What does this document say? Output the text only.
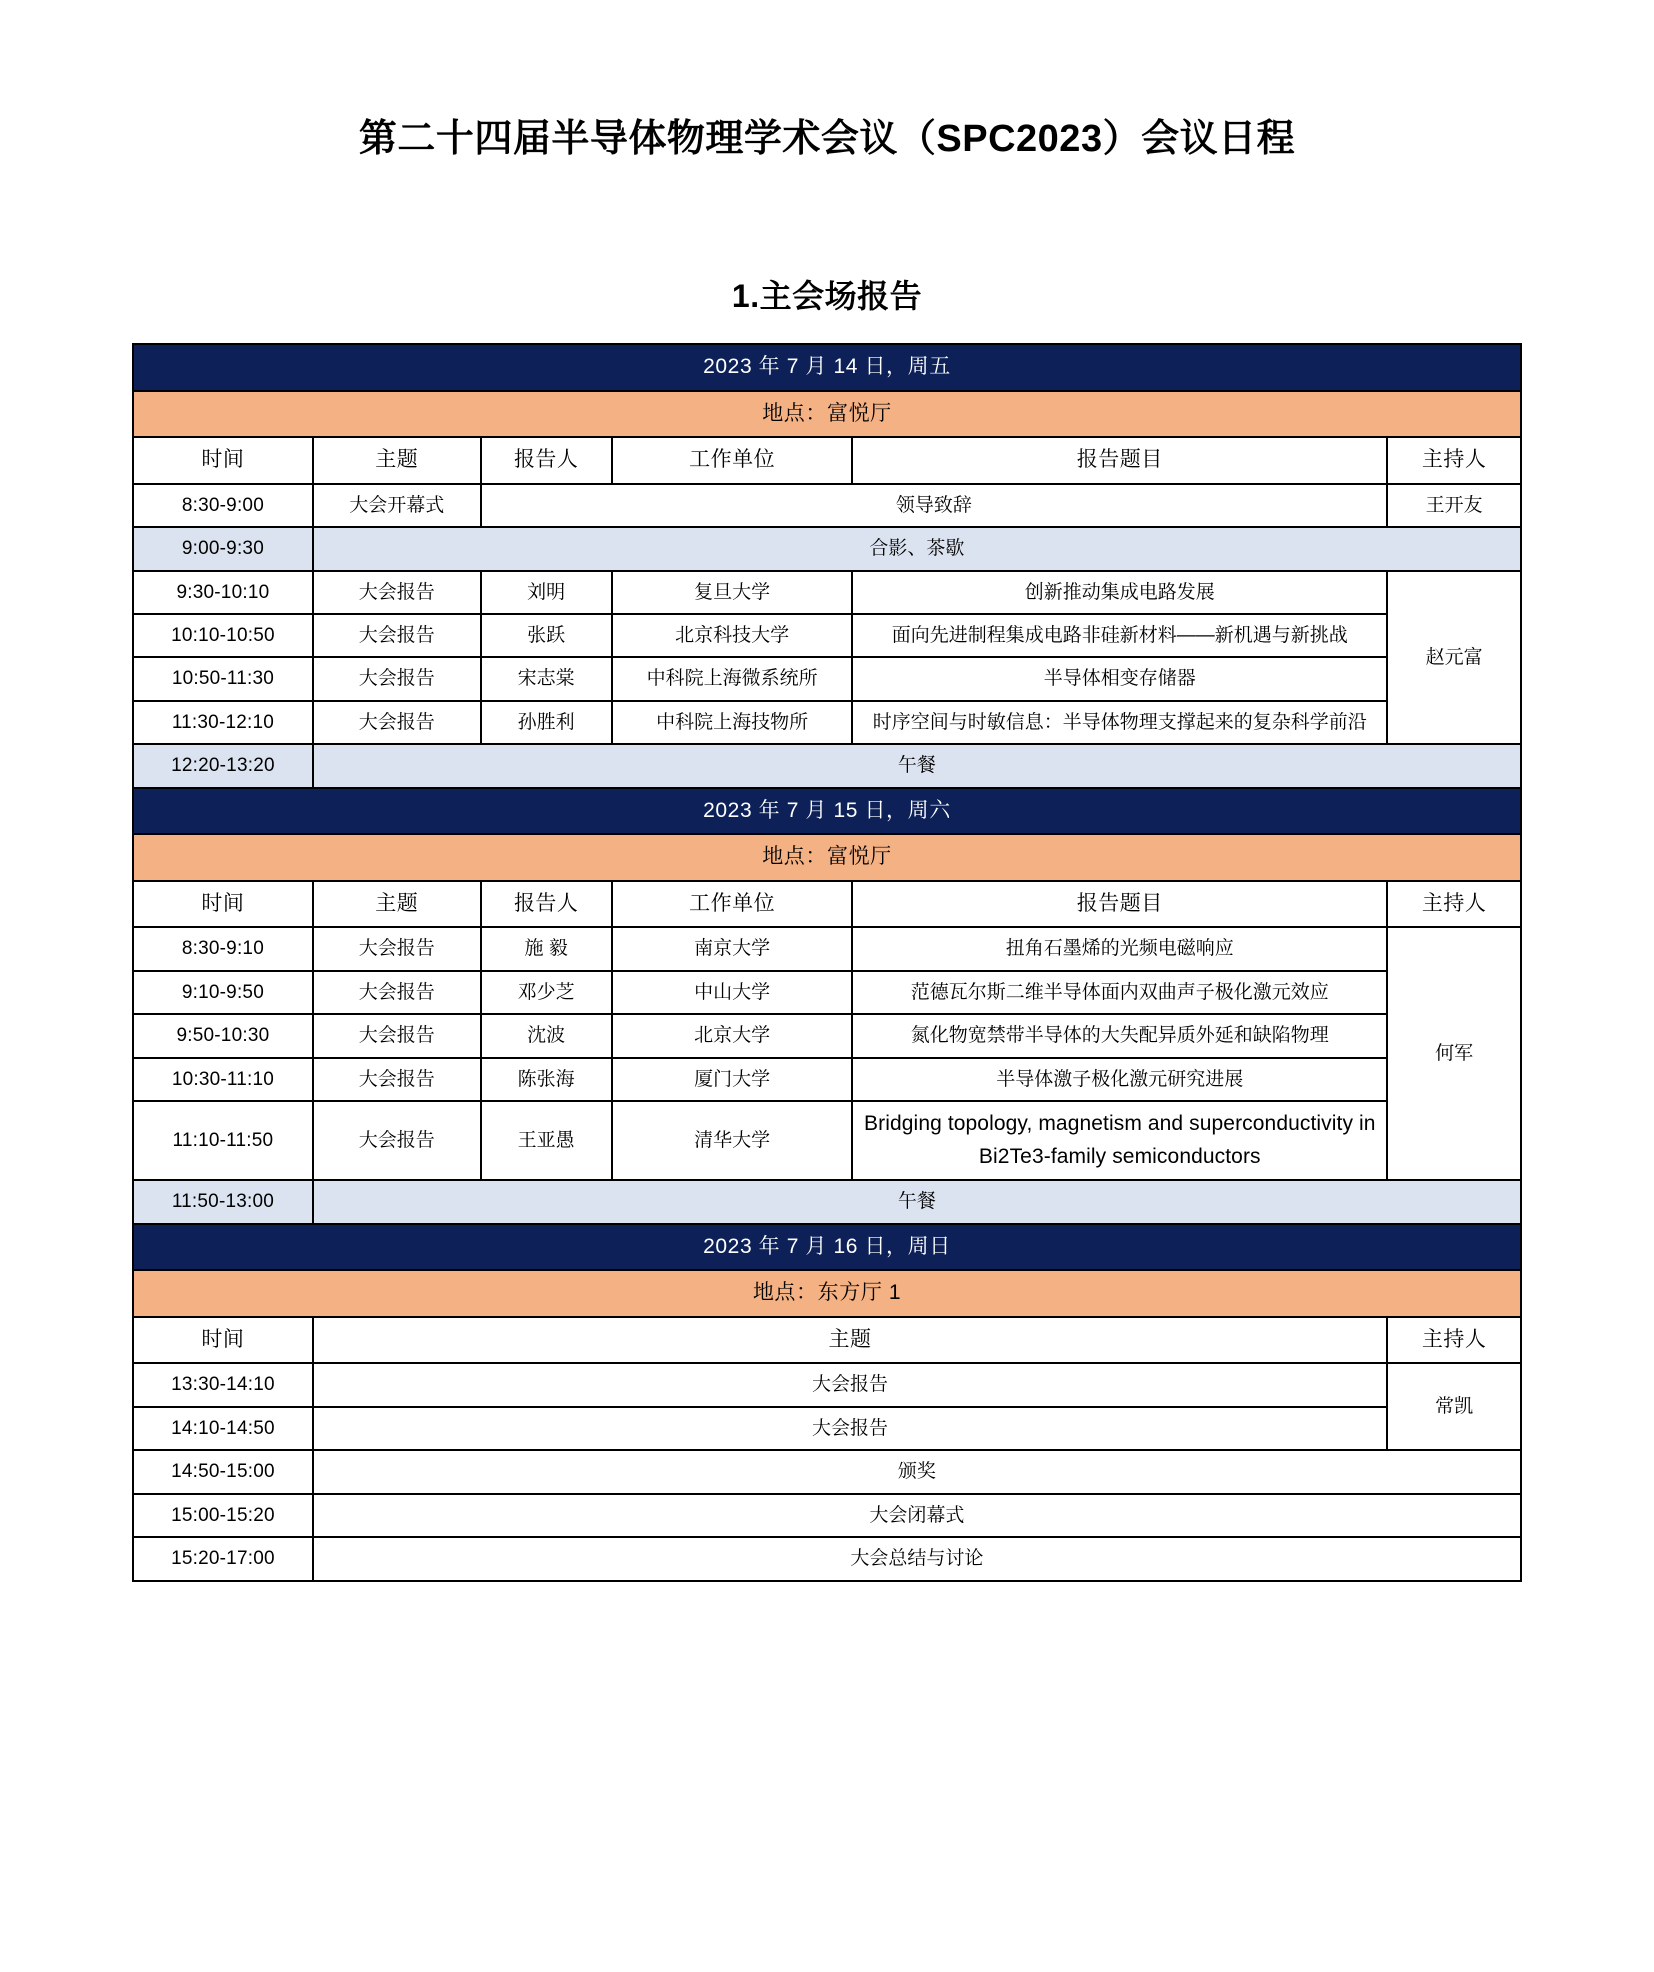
第二十四届半导体物理学术会议（SPC2023）会议日程
1.主会场报告
2023 年 7 月 14 日，周五					
地点：富悦厅					
时间	主题	报告人	工作单位	报告题目	主持人
8:30-9:00	大会开幕式	领导致辞			王开友
9:00-9:30	合影、茶歇				
9:30-10:10	大会报告	刘明	复旦大学	创新推动集成电路发展	赵元富
10:10-10:50	大会报告	张跃	北京科技大学	面向先进制程集成电路非硅新材料——新机遇与新挑战	
10:50-11:30	大会报告	宋志棠	中科院上海微系统所	半导体相变存储器	
11:30-12:10	大会报告	孙胜利	中科院上海技物所	时序空间与时敏信息：半导体物理支撑起来的复杂科学前沿	
12:20-13:20	午餐				
2023 年 7 月 15 日，周六					
地点：富悦厅					
时间	主题	报告人	工作单位	报告题目	主持人
8:30-9:10	大会报告	施 毅	南京大学	扭角石墨烯的光频电磁响应	何军
9:10-9:50	大会报告	邓少芝	中山大学	范德瓦尔斯二维半导体面内双曲声子极化激元效应	
9:50-10:30	大会报告	沈波	北京大学	氮化物宽禁带半导体的大失配异质外延和缺陷物理	
10:30-11:10	大会报告	陈张海	厦门大学	半导体激子极化激元研究进展	
11:10-11:50	大会报告	王亚愚	清华大学	Bridging topology, magnetism and superconductivity in Bi2Te3-family semiconductors	
11:50-13:00	午餐				
2023 年 7 月 16 日，周日					
地点：东方厅 1					
时间	主题				主持人
13:30-14:10	大会报告				常凯
14:10-14:50	大会报告				
14:50-15:00	颁奖				
15:00-15:20	大会闭幕式				
15:20-17:00	大会总结与讨论				
